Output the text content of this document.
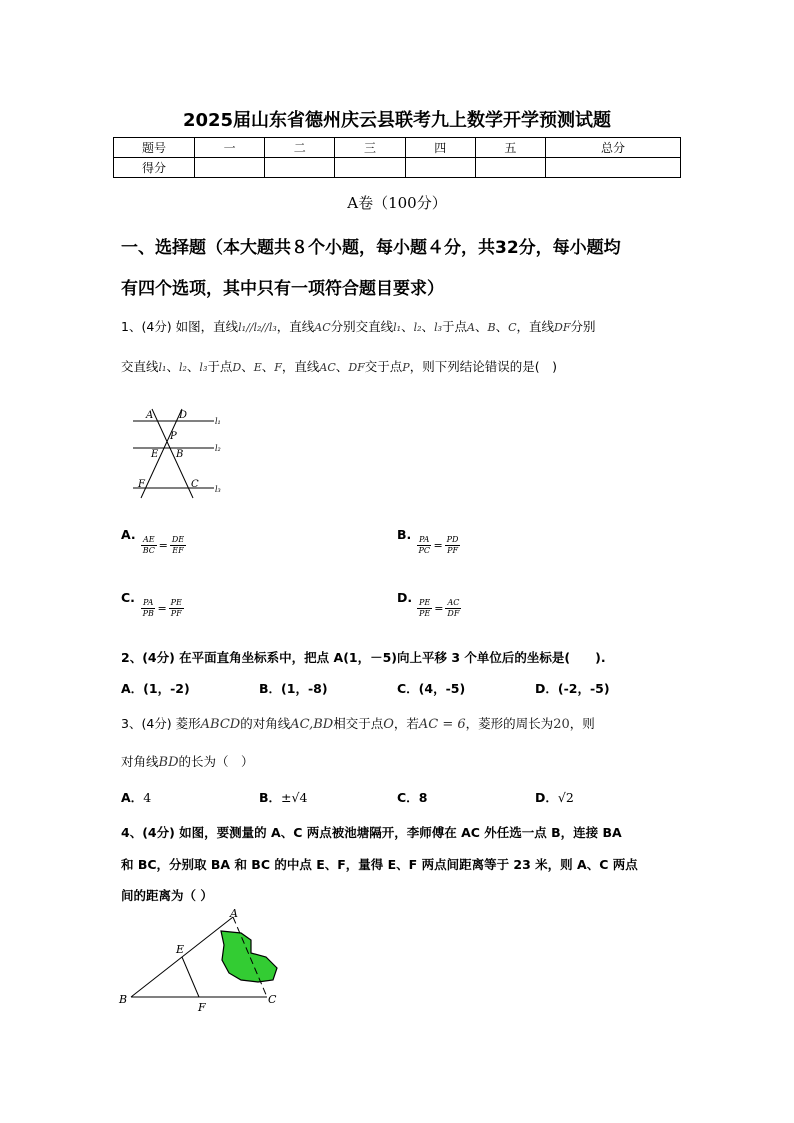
2025届山东省德州庆云县联考九上数学开学预测试题
题号	一	二	三	四	五	总分
得分						
A卷（100分）
一、选择题（本大题共８个小题，每小题４分，共32分，每小题均
有四个选项，其中只有一项符合题目要求）
1、(4分) 如图，直线l₁//l₂//l₃，直线AC分别交直线l₁、l₂、l₃于点A、B、C，直线DF分别
交直线l₁、l₂、l₃于点D、E、F，直线AC、DF交于点P，则下列结论错误的是(　)
A	D
P
E B
F	C
l₁
l₂
l₃
A.
$\frac{AE}{BC} = \frac{DE}{EF}$
B.
$\frac{PA}{PC} = \frac{PD}{PF}$
C.
$\frac{PA}{PB} = \frac{PE}{PF}$
D.
$\frac{PE}{PE} = \frac{AC}{DF}$
2、(4分) 在平面直角坐标系中，把点 A(1，－5)向上平移 3 个单位后的坐标是(　　).
A．(1，-2)	B．(1，-8)	C．(4，-5)	D．(-2，-5)
3、(4分) 菱形ABCD的对角线AC,BD相交于点O，若AC = 6，菱形的周长为20，则
对角线BD的长为（　）
A．4	B．±√4	C．8	D．√2
4、(4分) 如图，要测量的 A、C 两点被池塘隔开，李师傅在 AC 外任选一点 B，连接 BA
和 BC，分别取 BA 和 BC 的中点 E、F，量得 E、F 两点间距离等于 23 米，则 A、C 两点
间的距离为（ ）
A
E
B
F
C
